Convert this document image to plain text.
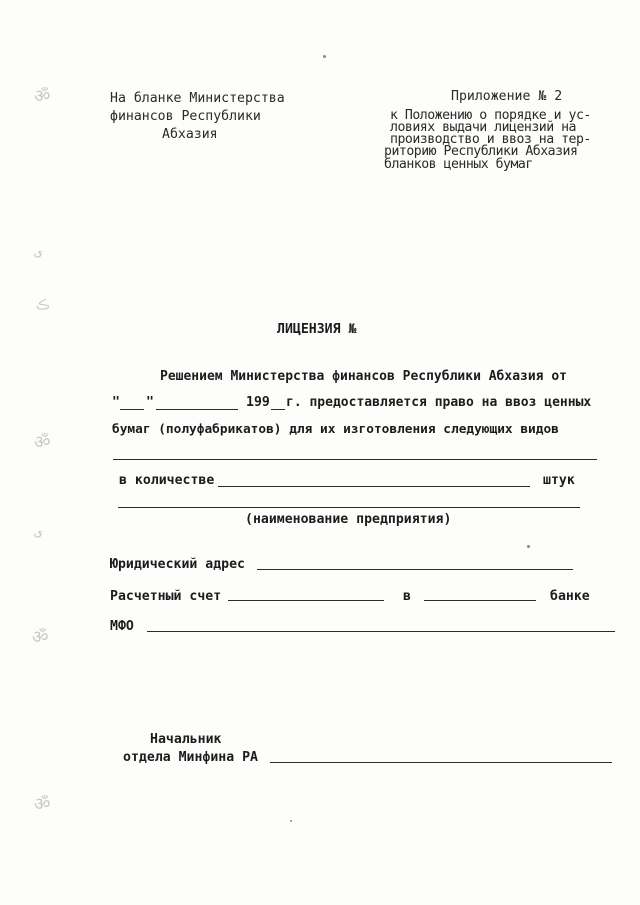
ॐ
ﻯ
ڪ
ॐ
ﻯ
ॐ
ॐ
На бланке Министерства
финансов Республики
Абхазия
Приложение № 2
к Положению о порядке и ус-
ловиях выдачи лицензий на
производство и ввоз на тер-
риторию Республики Абхазия
бланков ценных бумаг
ЛИЦЕНЗИЯ №
Решением Министерства финансов Республики Абхазия от
" "	199 г. предоставляется право на ввоз ценных
бумаг (полуфабрикатов) для их изготовления следующих видов
в количестве	штук
(наименование предприятия)
Юридический адрес
Расчетный счет	в	банке
МФО
Начальник
отдела Минфина РА
